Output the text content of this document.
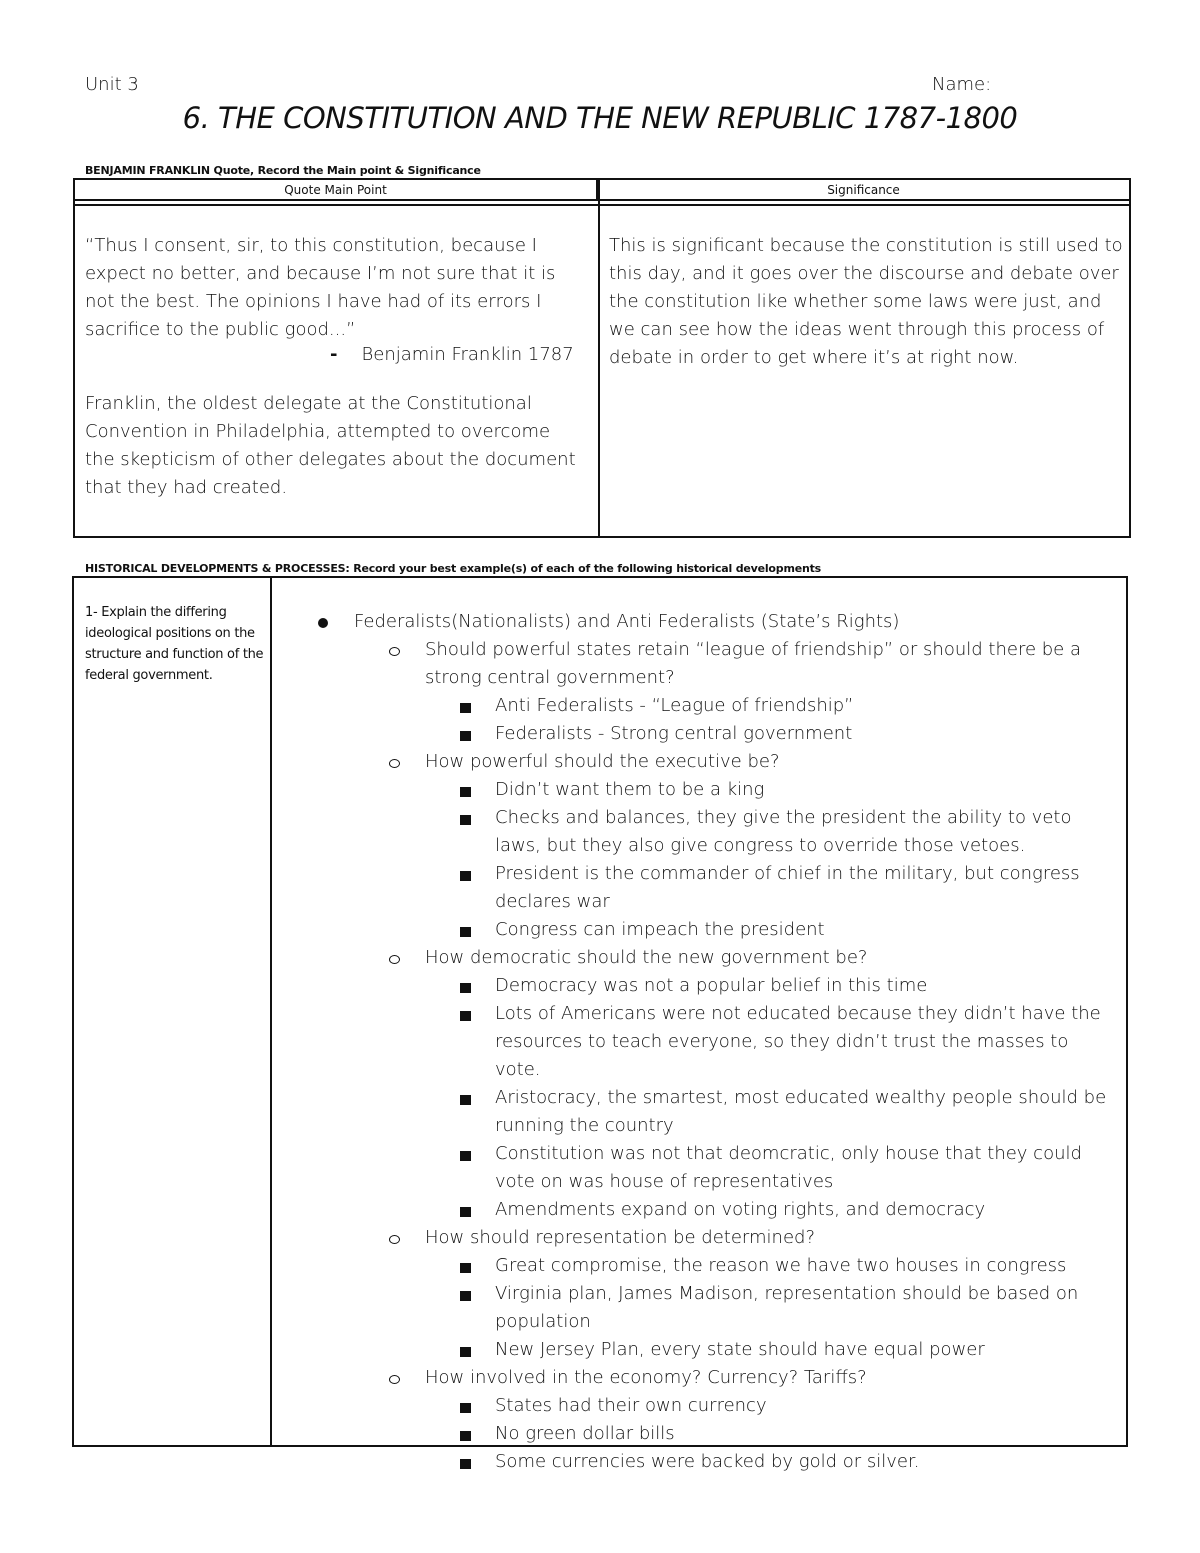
Unit 3	Name:
6. THE CONSTITUTION AND THE NEW REPUBLIC 1787-1800
BENJAMIN FRANKLIN Quote, Record the Main point & Significance
Quote Main Point	Significance
“Thus I consent, sir, to this constitution, because I expect no better, and because I’m not sure that it is not the best. The opinions I have had of its errors I sacrifice to the public good...”
- Benjamin Franklin 1787
Franklin, the oldest delegate at the Constitutional Convention in Philadelphia, attempted to overcome the skepticism of other delegates about the document that they had created.
This is significant because the constitution is still used to this day, and it goes over the discourse and debate over the constitution like whether some laws were just, and we can see how the ideas went through this process of debate in order to get where it’s at right now.
HISTORICAL DEVELOPMENTS & PROCESSES: Record your best example(s) of each of the following historical developments
1- Explain the differing ideological positions on the structure and function of the federal government.
Federalists(Nationalists) and Anti Federalists (State’s Rights)
Should powerful states retain “league of friendship” or should there be a strong central government?
Anti Federalists - “League of friendship”
Federalists - Strong central government
How powerful should the executive be?
Didn’t want them to be a king
Checks and balances, they give the president the ability to veto laws, but they also give congress to override those vetoes.
President is the commander of chief in the military, but congress declares war
Congress can impeach the president
How democratic should the new government be?
Democracy was not a popular belief in this time
Lots of Americans were not educated because they didn’t have the resources to teach everyone, so they didn’t trust the masses to vote.
Aristocracy, the smartest, most educated wealthy people should be running the country
Constitution was not that deomcratic, only house that they could vote on was house of representatives
Amendments expand on voting rights, and democracy
How should representation be determined?
Great compromise, the reason we have two houses in congress
Virginia plan, James Madison, representation should be based on population
New Jersey Plan, every state should have equal power
How involved in the economy? Currency? Tariffs?
States had their own currency
No green dollar bills
Some currencies were backed by gold or silver.
